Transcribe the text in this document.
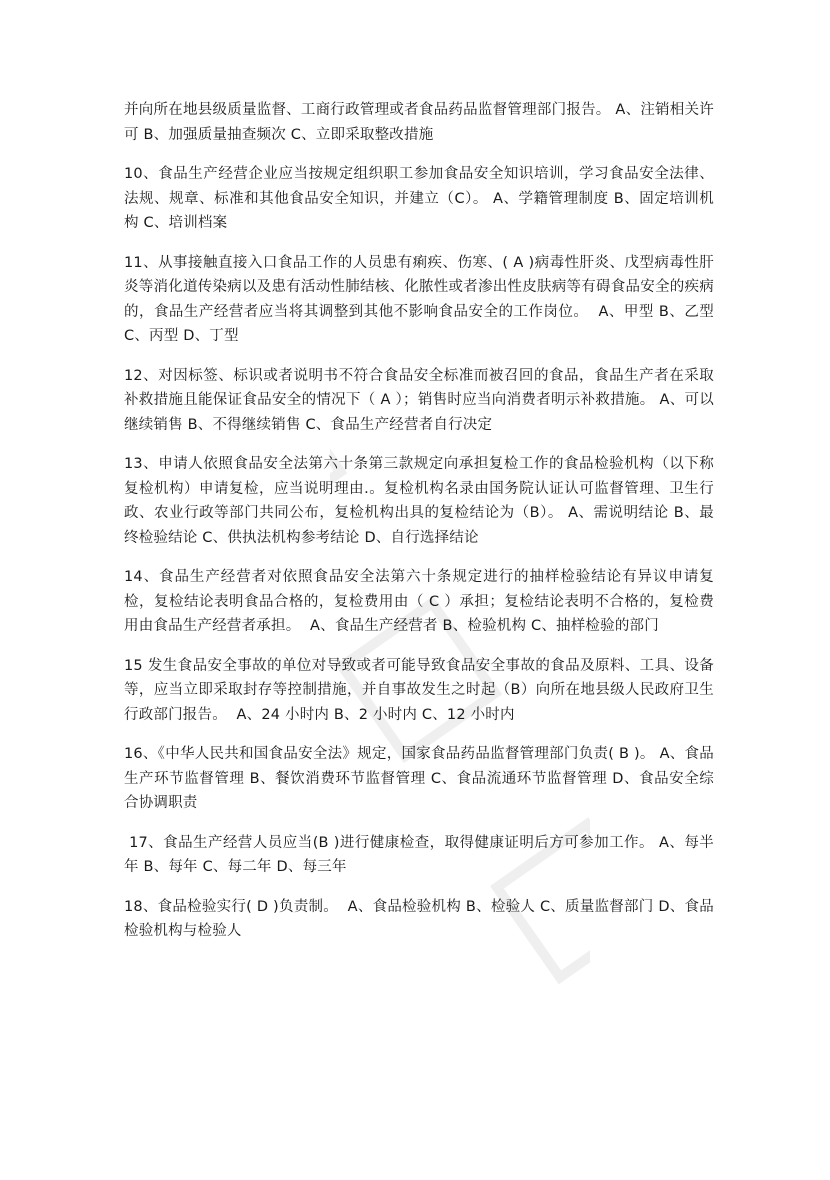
并向所在地县级质量监督、工商行政管理或者食品药品监督管理部门报告。 A、注销相关许可 B、加强质量抽查频次 C、立即采取整改措施

10、食品生产经营企业应当按规定组织职工参加食品安全知识培训，学习食品安全法律、法规、规章、标准和其他食品安全知识，并建立（C）。 A、学籍管理制度 B、固定培训机构 C、培训档案

11、从事接触直接入口食品工作的人员患有痢疾、伤寒、( A )病毒性肝炎、戊型病毒性肝炎等消化道传染病以及患有活动性肺结核、化脓性或者渗出性皮肤病等有碍食品安全的疾病的，食品生产经营者应当将其调整到其他不影响食品安全的工作岗位。  A、甲型 B、乙型 C、丙型 D、丁型

12、对因标签、标识或者说明书不符合食品安全标准而被召回的食品，食品生产者在采取补救措施且能保证食品安全的情况下（ A ）；销售时应当向消费者明示补救措施。 A、可以继续销售 B、不得继续销售 C、食品生产经营者自行决定

13、申请人依照食品安全法第六十条第三款规定向承担复检工作的食品检验机构（以下称复检机构）申请复检，应当说明理由.。复检机构名录由国务院认证认可监督管理、卫生行政、农业行政等部门共同公布，复检机构出具的复检结论为（B）。 A、需说明结论 B、最终检验结论 C、供执法机构参考结论 D、自行选择结论

14、食品生产经营者对依照食品安全法第六十条规定进行的抽样检验结论有异议申请复检，复检结论表明食品合格的，复检费用由（ C ）承担；复检结论表明不合格的，复检费用由食品生产经营者承担。  A、食品生产经营者 B、检验机构 C、抽样检验的部门

15 发生食品安全事故的单位对导致或者可能导致食品安全事故的食品及原料、工具、设备等，应当立即采取封存等控制措施，并自事故发生之时起（B）向所在地县级人民政府卫生行政部门报告。  A、24 小时内 B、2 小时内 C、12 小时内

16、《中华人民共和国食品安全法》规定，国家食品药品监督管理部门负责( B )。 A、食品生产环节监督管理 B、餐饮消费环节监督管理 C、食品流通环节监督管理 D、食品安全综合协调职责

17、食品生产经营人员应当(B )进行健康检查，取得健康证明后方可参加工作。 A、每半年 B、每年 C、每二年 D、每三年

18、食品检验实行( D )负责制。  A、食品检验机构 B、检验人 C、质量监督部门 D、食品检验机构与检验人
